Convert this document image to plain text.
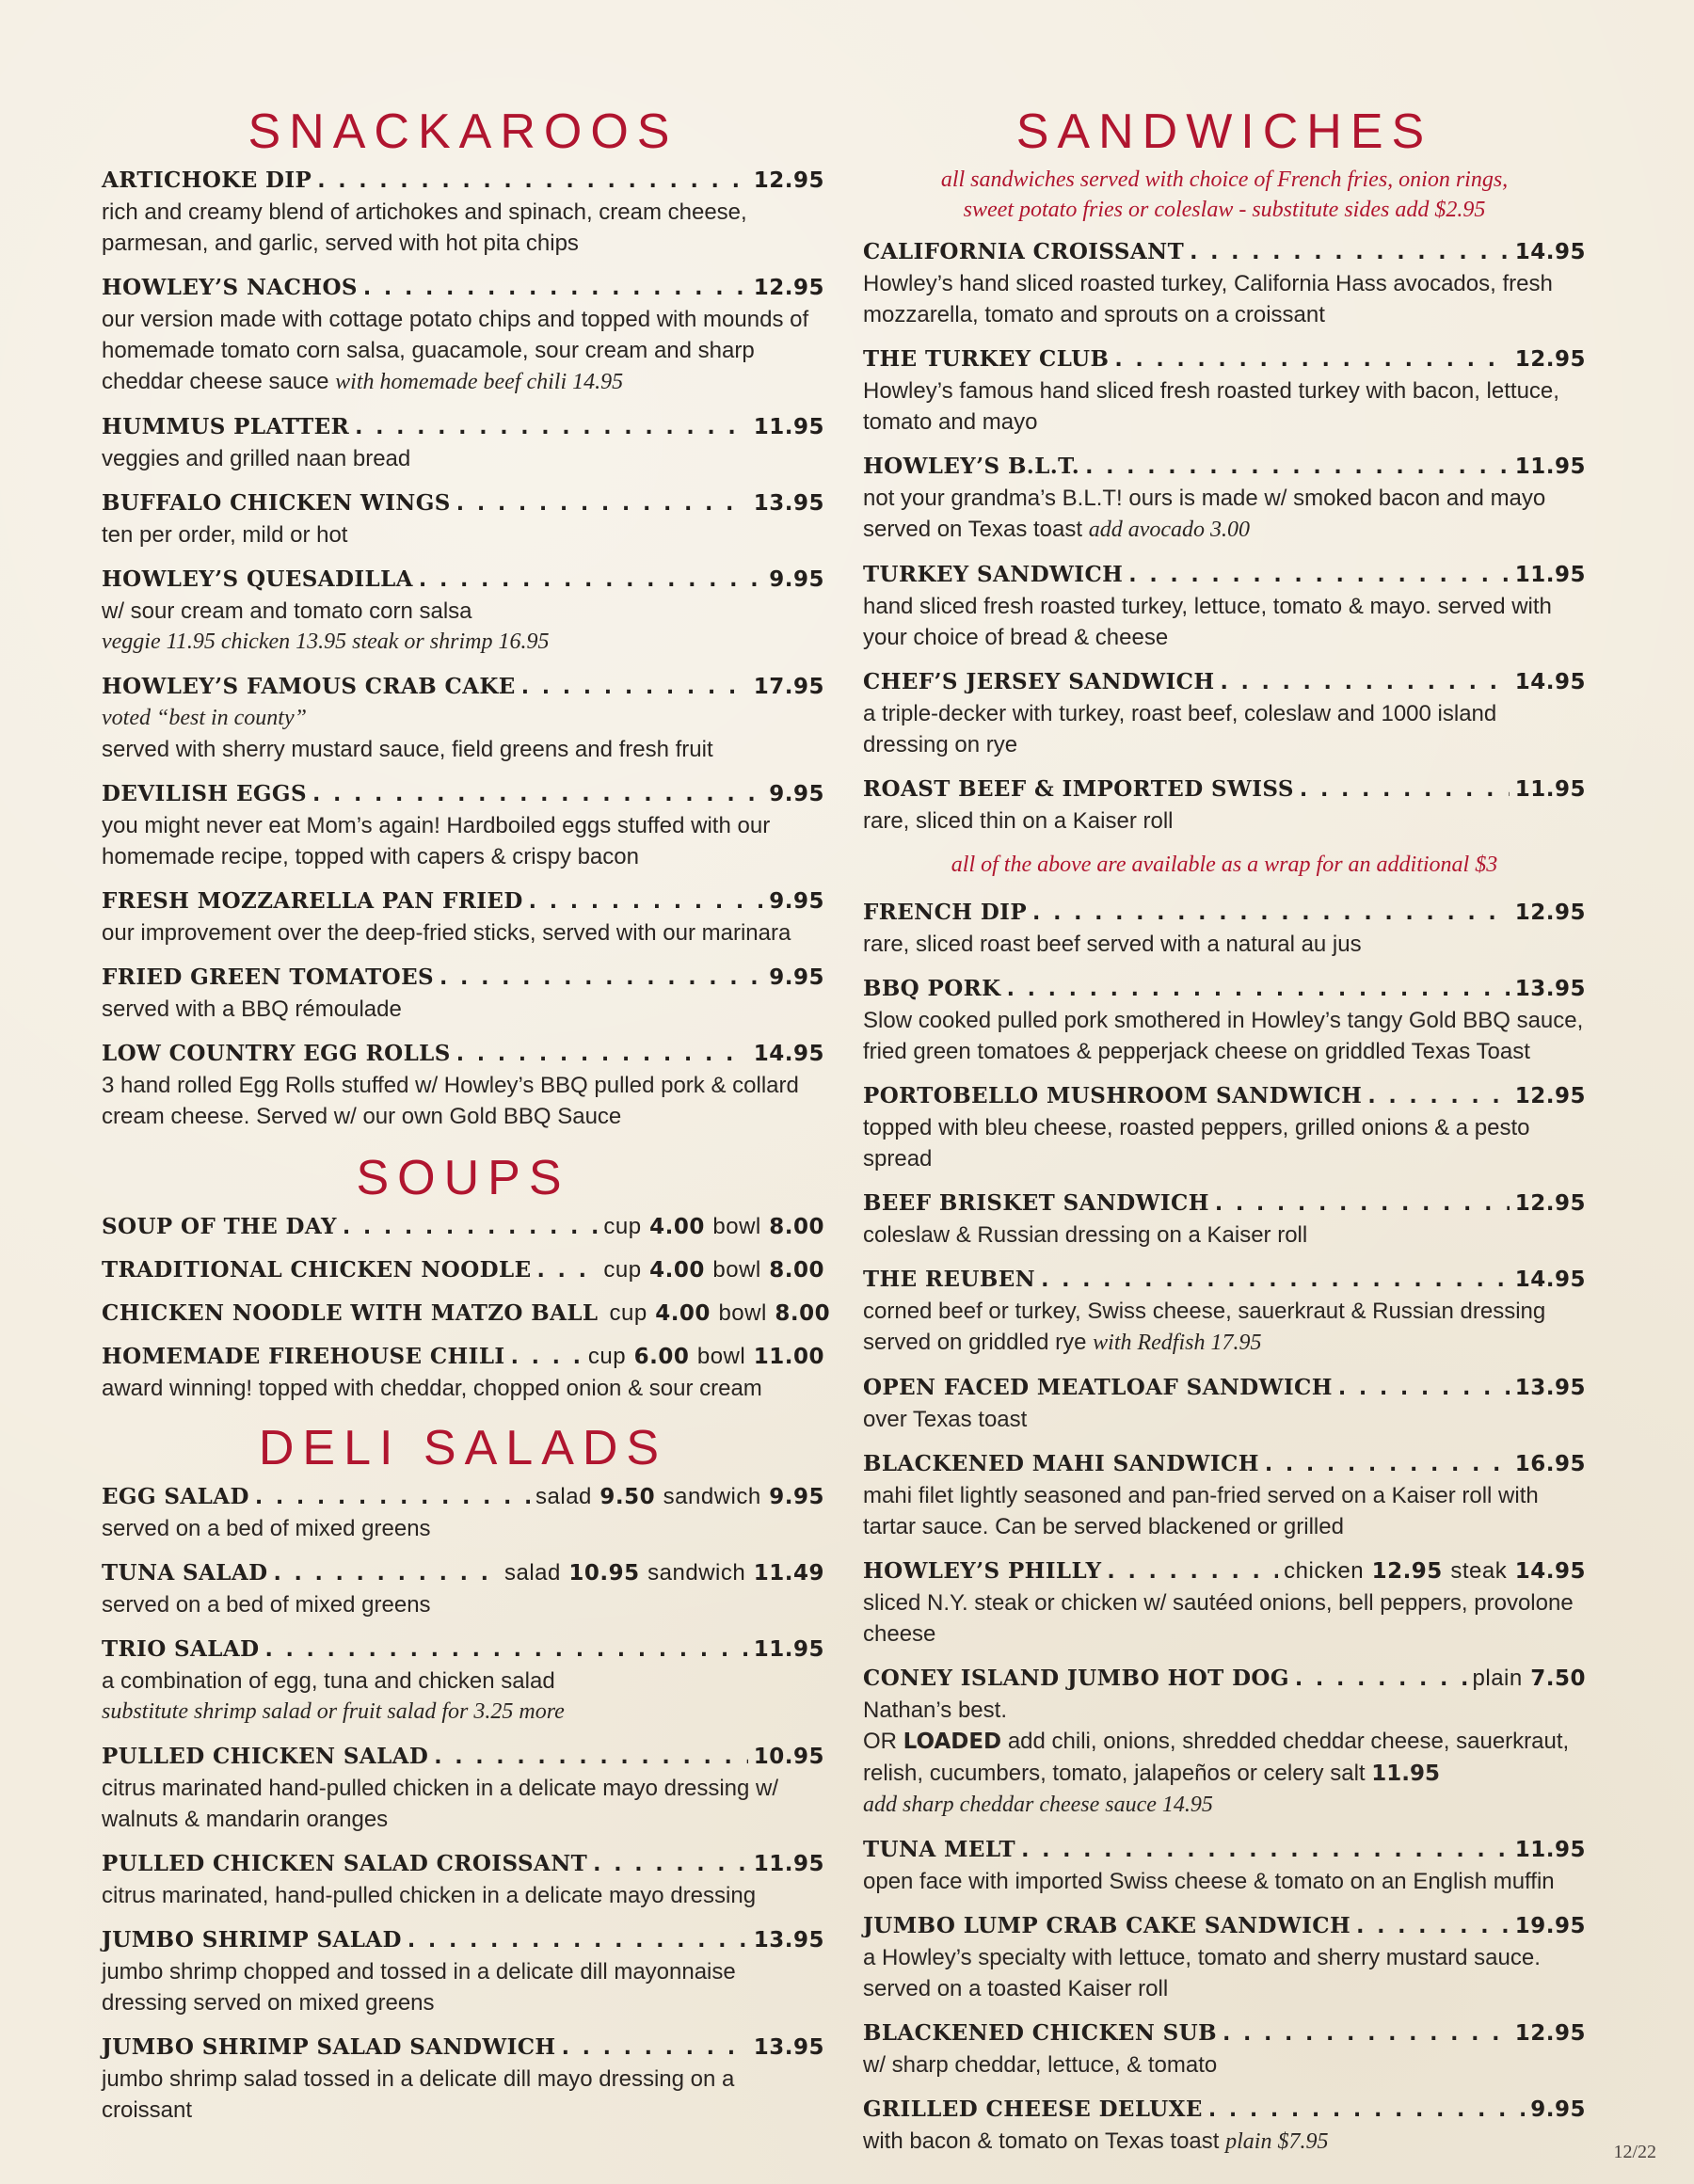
SNACKAROOS
ARTICHOKE DIP . . .	12.95
rich and creamy blend of artichokes and spinach, cream cheese, parmesan, and garlic, served with hot pita chips
HOWLEY’S NACHOS . . .	12.95
our version made with cottage potato chips and topped with mounds of homemade tomato corn salsa, guacamole, sour cream and sharp cheddar cheese sauce with homemade beef chili 14.95
HUMMUS PLATTER . . .	11.95
veggies and grilled naan bread
BUFFALO CHICKEN WINGS . . .	13.95
ten per order, mild or hot
HOWLEY’S QUESADILLA . . .	9.95
w/ sour cream and tomato corn salsa
veggie 11.95 chicken 13.95 steak or shrimp 16.95
HOWLEY’S FAMOUS CRAB CAKE . . .	17.95
voted “best in county”
served with sherry mustard sauce, field greens and fresh fruit
DEVILISH EGGS . . .	9.95
you might never eat Mom’s again! Hardboiled eggs stuffed with our homemade recipe, topped with capers & crispy bacon
FRESH MOZZARELLA PAN FRIED . . .	9.95
our improvement over the deep-fried sticks, served with our marinara
FRIED GREEN TOMATOES . . .	9.95
served with a BBQ rémoulade
LOW COUNTRY EGG ROLLS . . .	14.95
3 hand rolled Egg Rolls stuffed w/ Howley’s BBQ pulled pork & collard cream cheese. Served w/ our own Gold BBQ Sauce
SOUPS
SOUP OF THE DAY . . .	cup 4.00 bowl 8.00
TRADITIONAL CHICKEN NOODLE . . .	cup 4.00 bowl 8.00
CHICKEN NOODLE WITH MATZO BALL cup 4.00 bowl 8.00
HOMEMADE FIREHOUSE CHILI . . .	cup 6.00 bowl 11.00
award winning! topped with cheddar, chopped onion & sour cream
DELI SALADS
EGG SALAD . . .	salad 9.50 sandwich 9.95
served on a bed of mixed greens
TUNA SALAD . . .	salad 10.95 sandwich 11.49
served on a bed of mixed greens
TRIO SALAD . . .	11.95
a combination of egg, tuna and chicken salad
substitute shrimp salad or fruit salad for 3.25 more
PULLED CHICKEN SALAD . . .	10.95
citrus marinated hand-pulled chicken in a delicate mayo dressing w/ walnuts & mandarin oranges
PULLED CHICKEN SALAD CROISSANT . . .	11.95
citrus marinated, hand-pulled chicken in a delicate mayo dressing
JUMBO SHRIMP SALAD . . .	13.95
jumbo shrimp chopped and tossed in a delicate dill mayonnaise dressing served on mixed greens
JUMBO SHRIMP SALAD SANDWICH . . .	13.95
jumbo shrimp salad tossed in a delicate dill mayo dressing on a croissant
SANDWICHES

all sandwiches served with choice of French fries, onion rings, sweet potato fries or coleslaw - substitute sides add $2.95

CALIFORNIA CROISSANT . . .	14.95
Howley’s hand sliced roasted turkey, California Hass avocados, fresh mozzarella, tomato and sprouts on a croissant
THE TURKEY CLUB . . .	12.95
Howley’s famous hand sliced fresh roasted turkey with bacon, lettuce, tomato and mayo
HOWLEY’S B.L.T. . . .	11.95
not your grandma’s B.L.T! ours is made w/ smoked bacon and mayo served on Texas toast add avocado 3.00
TURKEY SANDWICH . . .	11.95
hand sliced fresh roasted turkey, lettuce, tomato & mayo. served with your choice of bread & cheese
CHEF’S JERSEY SANDWICH . . .	14.95
a triple-decker with turkey, roast beef, coleslaw and 1000 island dressing on rye
ROAST BEEF & IMPORTED SWISS . . .	11.95
rare, sliced thin on a Kaiser roll

all of the above are available as a wrap for an additional $3

FRENCH DIP . . .	12.95
rare, sliced roast beef served with a natural au jus
BBQ PORK . . .	13.95
Slow cooked pulled pork smothered in Howley’s tangy Gold BBQ sauce, fried green tomatoes & pepperjack cheese on griddled Texas Toast
PORTOBELLO MUSHROOM SANDWICH . . .	12.95
topped with bleu cheese, roasted peppers, grilled onions & a pesto spread
BEEF BRISKET SANDWICH . . .	12.95
coleslaw & Russian dressing on a Kaiser roll
THE REUBEN . . .	14.95
corned beef or turkey, Swiss cheese, sauerkraut & Russian dressing served on griddled rye with Redfish 17.95
OPEN FACED MEATLOAF SANDWICH . . .	13.95
over Texas toast
BLACKENED MAHI SANDWICH . . .	16.95
mahi filet lightly seasoned and pan-fried served on a Kaiser roll with tartar sauce. Can be served blackened or grilled
HOWLEY’S PHILLY . . .	chicken 12.95 steak 14.95
sliced N.Y. steak or chicken w/ sautéed onions, bell peppers, provolone cheese
CONEY ISLAND JUMBO HOT DOG . . .	plain 7.50
Nathan’s best.
OR LOADED add chili, onions, shredded cheddar cheese, sauerkraut, relish, cucumbers, tomato, jalapeños or celery salt 11.95
add sharp cheddar cheese sauce 14.95
TUNA MELT . . .	11.95
open face with imported Swiss cheese & tomato on an English muffin
JUMBO LUMP CRAB CAKE SANDWICH . . .	19.95
a Howley’s specialty with lettuce, tomato and sherry mustard sauce. served on a toasted Kaiser roll
BLACKENED CHICKEN SUB . . .	12.95
w/ sharp cheddar, lettuce, & tomato
GRILLED CHEESE DELUXE . . .	9.95
with bacon & tomato on Texas toast plain $7.95	12/22
